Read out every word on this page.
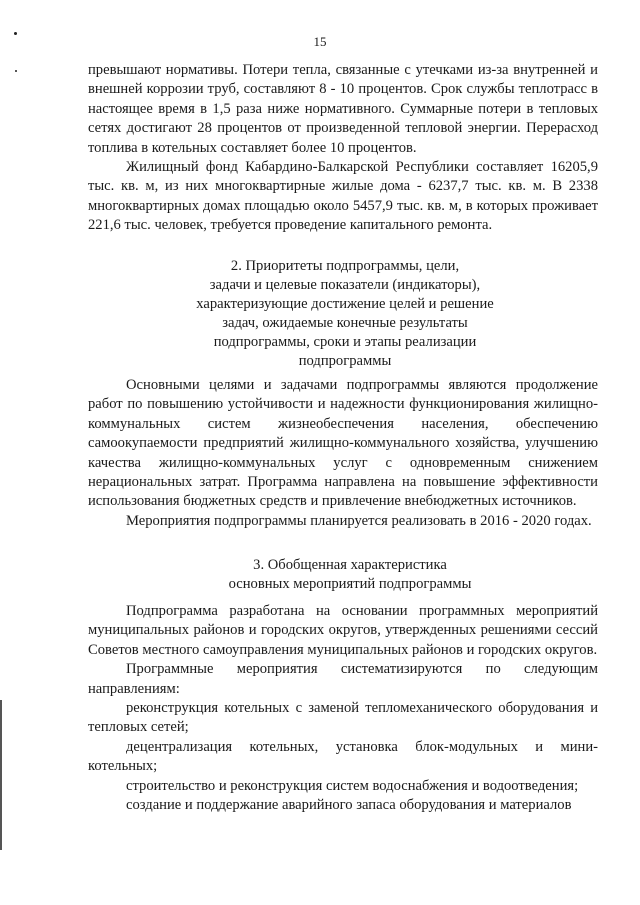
15

превышают нормативы. Потери тепла, связанные с утечками из-за внутренней и внешней коррозии труб, составляют 8 - 10 процентов. Срок службы теплотрасс в настоящее время в 1,5 раза ниже нормативного. Суммарные потери в тепловых сетях достигают 28 процентов от произведенной тепловой энергии. Перерасход топлива в котельных составляет более 10 процентов.

Жилищный фонд Кабардино-Балкарской Республики составляет 16205,9 тыс. кв. м, из них многоквартирные жилые дома - 6237,7 тыс. кв. м. В 2338 многоквартирных домах площадью около 5457,9 тыс. кв. м, в которых проживает 221,6 тыс. человек, требуется проведение капитального ремонта.

2. Приоритеты подпрограммы, цели,

задачи и целевые показатели (индикаторы),

характеризующие достижение целей и решение

задач, ожидаемые конечные результаты

подпрограммы, сроки и этапы реализации

подпрограммы

Основными целями и задачами подпрограммы являются продолжение работ по повышению устойчивости и надежности функционирования жилищно-коммунальных систем жизнеобеспечения населения, обеспечению самоокупаемости предприятий жилищно-коммунального хозяйства, улучшению качества жилищно-коммунальных услуг с одновременным снижением нерациональных затрат. Программа направлена на повышение эффективности использования бюджетных средств и привлечение внебюджетных источников.

Мероприятия подпрограммы планируется реализовать в 2016 - 2020 годах.

3. Обобщенная характеристика

основных мероприятий подпрограммы

Подпрограмма разработана на основании программных мероприятий муниципальных районов и городских округов, утвержденных решениями сессий Советов местного самоуправления муниципальных районов и городских округов.

Программные мероприятия систематизируются по следующим направлениям:

реконструкция котельных с заменой тепломеханического оборудования и тепловых сетей;

децентрализация котельных, установка блок-модульных и мини-котельных;

строительство и реконструкция систем водоснабжения и водоотведения;

создание и поддержание аварийного запаса оборудования и материалов
